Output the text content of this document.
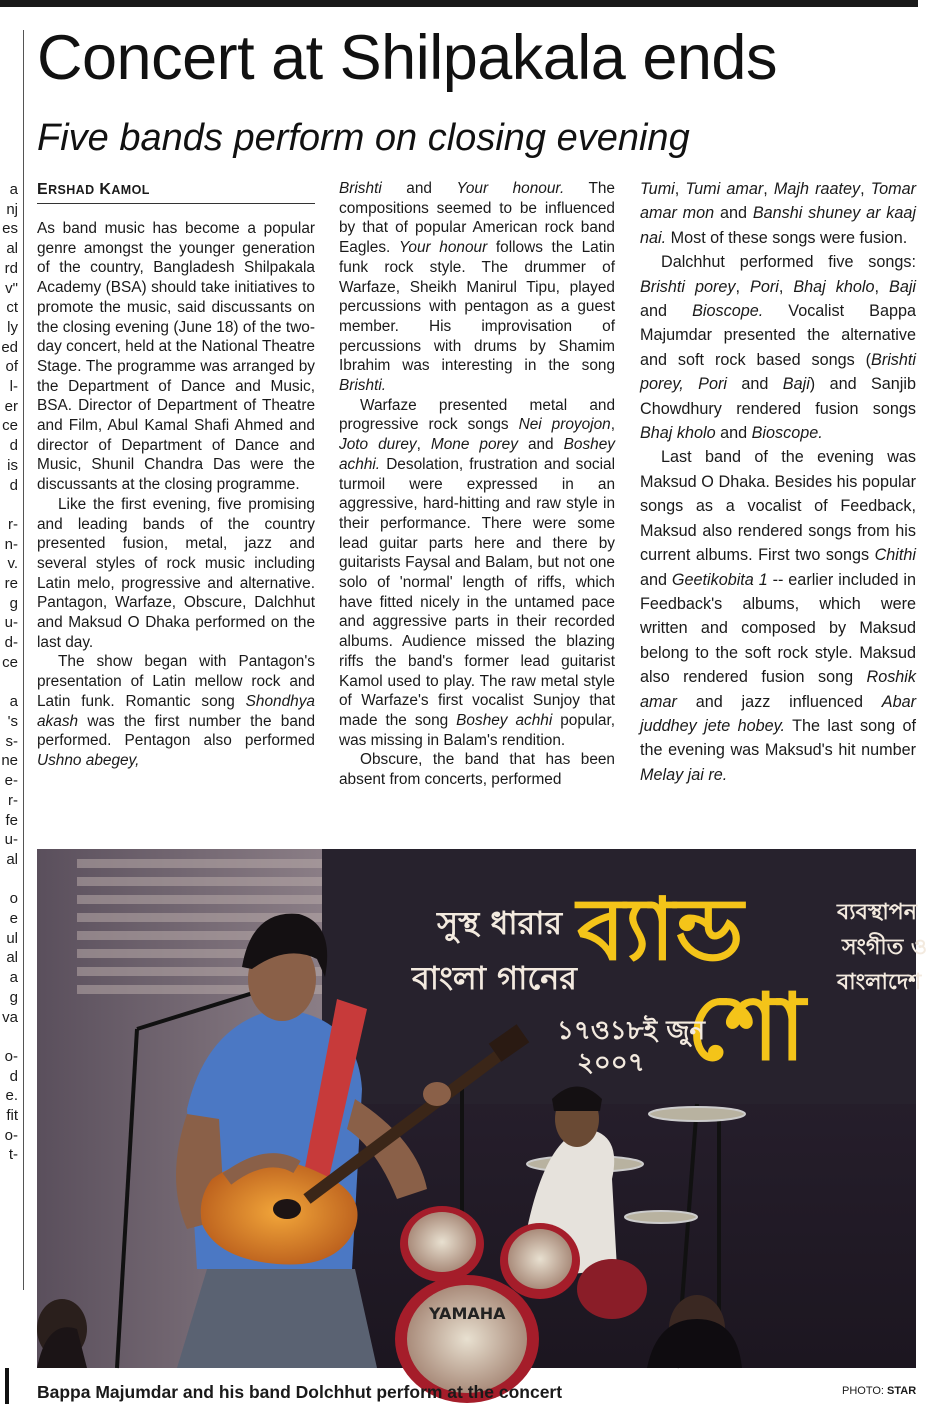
a
nj
es
al
rd
v"
ct
ly
ed
of
l-
er
ce
d
is
d

r-
n-
v.
re
g
u-
d-
ce

a
's
s-
ne
e-
r-
fe
u-
al

o
e
ul
al
a
g
va

o-
d
e.
fit
o-
t-
Concert at Shilpakala ends
Five bands perform on closing evening
ERSHAD KAMOL

As band music has become a popular genre amongst the younger generation of the country, Bangladesh Shilpakala Academy (BSA) should take initiatives to promote the music, said discussants on the closing evening (June 18) of the two-day concert, held at the National Theatre Stage. The programme was arranged by the Department of Dance and Music, BSA. Director of Department of Theatre and Film, Abul Kamal Shafi Ahmed and director of Department of Dance and Music, Shunil Chandra Das were the discussants at the closing programme.

Like the first evening, five promising and leading bands of the country presented fusion, metal, jazz and several styles of rock music including Latin melo, progressive and alternative. Pantagon, Warfaze, Obscure, Dalchhut and Maksud O Dhaka performed on the last day.

The show began with Pantagon's presentation of Latin mellow rock and Latin funk. Romantic song Shondhya akash was the first number the band performed. Pentagon also performed Ushno abegey,

Brishti and Your honour. The compositions seemed to be influenced by that of popular American rock band Eagles. Your honour follows the Latin funk rock style. The drummer of Warfaze, Sheikh Manirul Tipu, played percussions with pentagon as a guest member. His improvisation of percussions with drums by Shamim Ibrahim was interesting in the song Brishti.

Warfaze presented metal and progressive rock songs Nei proyojon, Joto durey, Mone porey and Boshey achhi. Desolation, frustration and social turmoil were expressed in an aggressive, hard-hitting and raw style in their performance. There were some lead guitar parts here and there by guitarists Faysal and Balam, but not one solo of 'normal' length of riffs, which have fitted nicely in the untamed pace and aggressive parts in their recorded albums. Audience missed the blazing riffs the band's former lead guitarist Kamol used to play. The raw metal style of Warfaze's first vocalist Sunjoy that made the song Boshey achhi popular, was missing in Balam's rendition.

Obscure, the band that has been absent from concerts, performed

Tumi, Tumi amar, Majh raatey, Tomar amar mon and Banshi shuney ar kaaj nai. Most of these songs were fusion.

Dalchhut performed five songs: Brishti porey, Pori, Bhaj kholo, Baji and Bioscope. Vocalist Bappa Majumdar presented the alternative and soft rock based songs (Brishti porey, Pori and Baji) and Sanjib Chowdhury rendered fusion songs Bhaj kholo and Bioscope.

Last band of the evening was Maksud O Dhaka. Besides his popular songs as a vocalist of Feedback, Maksud also rendered songs from his current albums. First two songs Chithi and Geetikobita 1 -- earlier included in Feedback's albums, which were written and composed by Maksud belong to the soft rock style. Maksud also rendered fusion song Roshik amar and jazz influenced Abar juddhey jete hobey. The last song of the evening was Maksud's hit number Melay jai re.

সুস্থ ধারার
বাংলা গানের ব্যান্ড
শো
১৭ও১৮ই জুন
২০০৭
ব্যবস্থাপন
সংগীত ও
বাংলাদেশ
YAMAHA
Bappa Majumdar and his band Dolchhut perform at the concert	PHOTO: STAR
